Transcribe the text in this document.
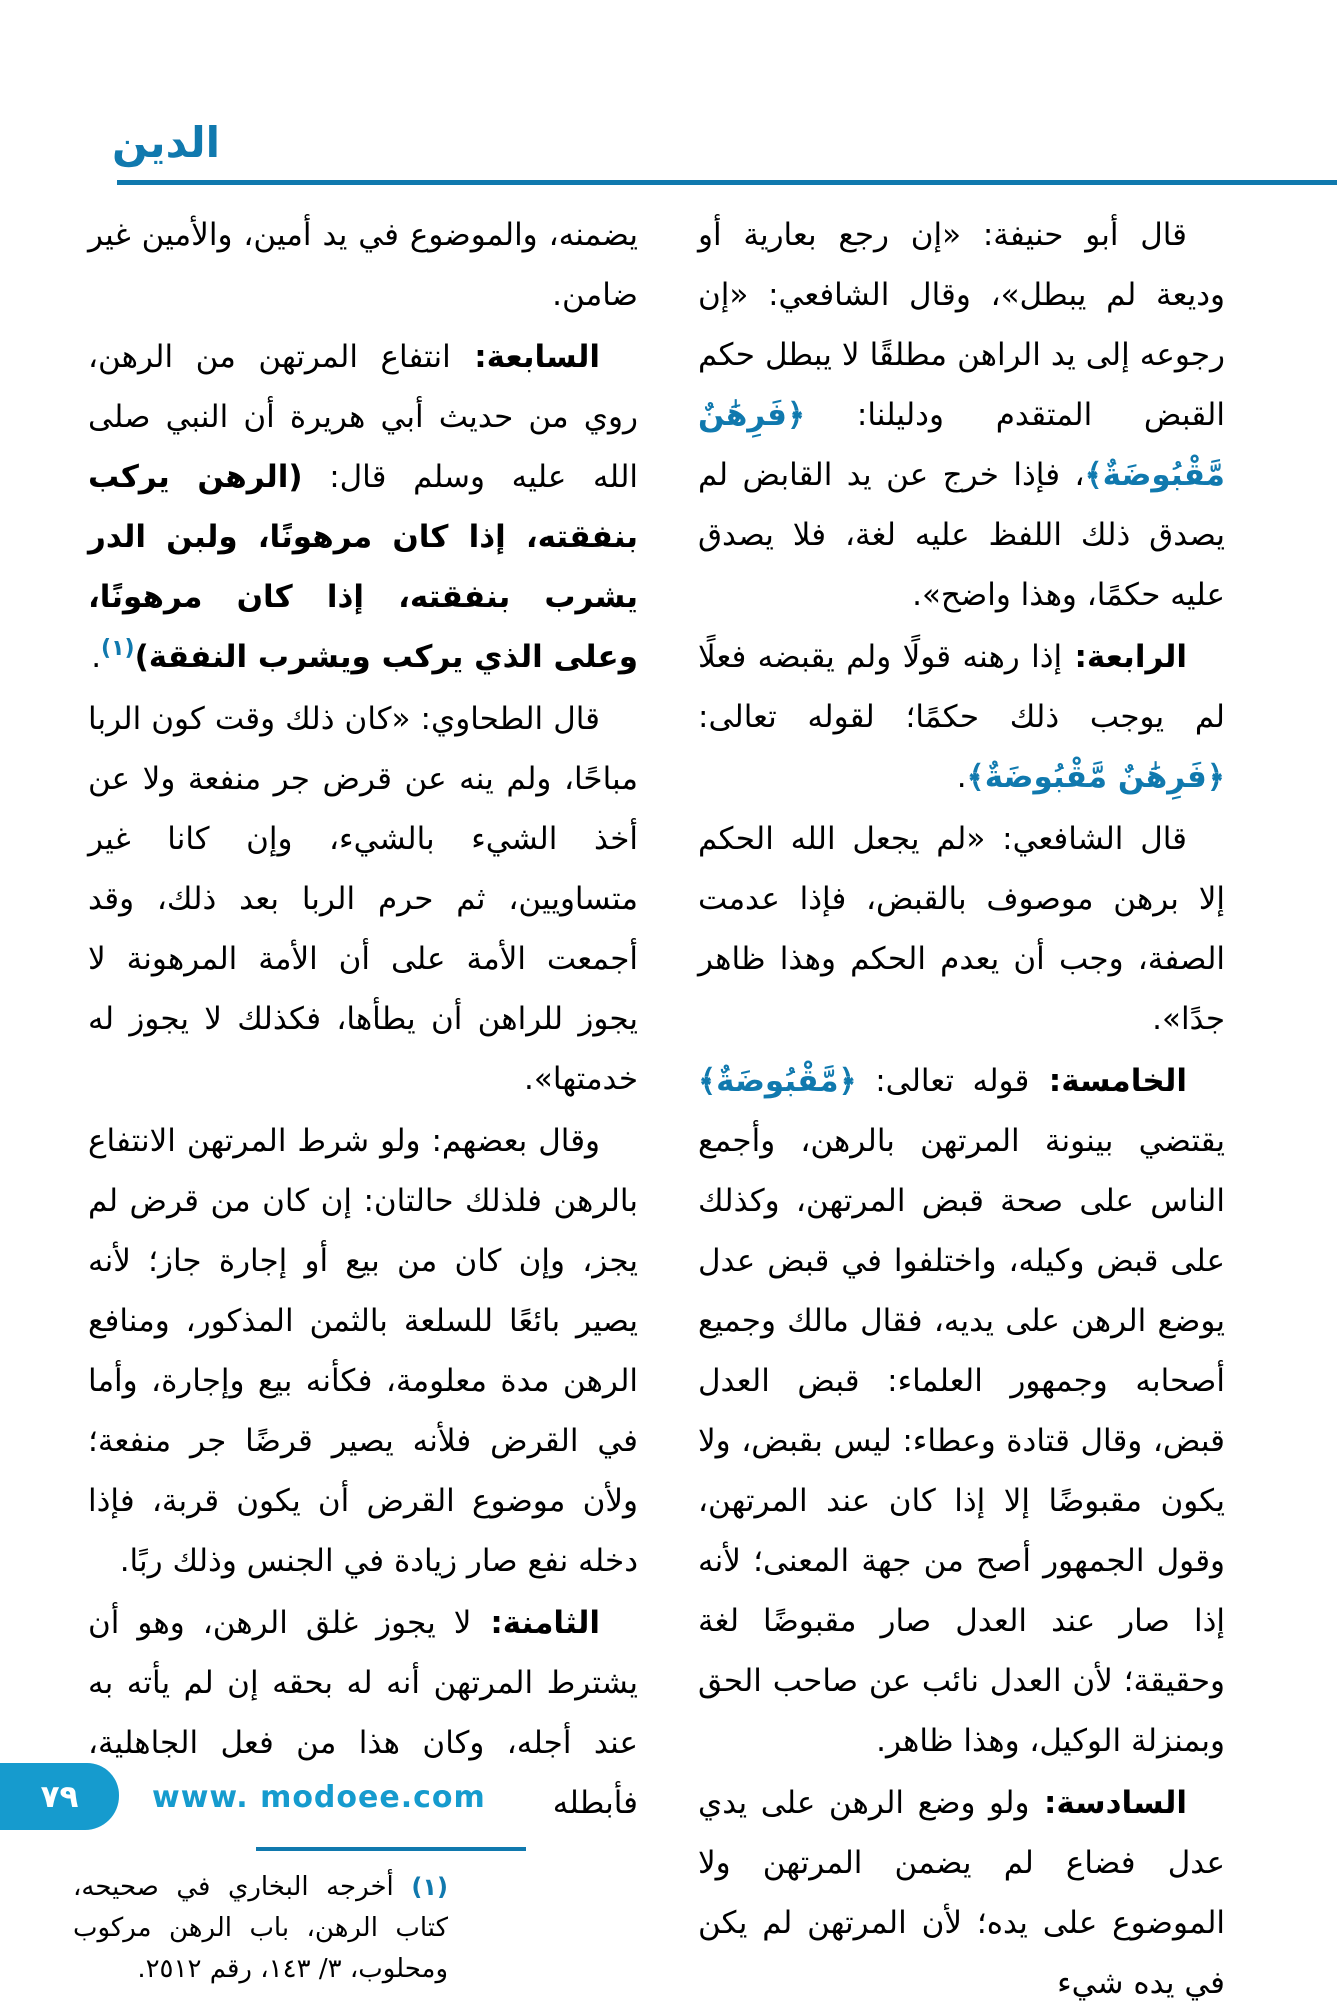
الدين

قال أبو حنيفة: «إن رجع بعارية أو وديعة لم يبطل»، وقال الشافعي: «إن رجوعه إلى يد الراهن مطلقًا لا يبطل حكم القبض المتقدم ودليلنا: ﴿فَرِهَٰنٌ مَّقْبُوضَةٌ﴾، فإذا خرج عن يد القابض لم يصدق ذلك اللفظ عليه لغة، فلا يصدق عليه حكمًا، وهذا واضح».

الرابعة: إذا رهنه قولًا ولم يقبضه فعلًا لم يوجب ذلك حكمًا؛ لقوله تعالى: ﴿فَرِهَٰنٌ مَّقْبُوضَةٌ﴾.

قال الشافعي: «لم يجعل الله الحكم إلا برهن موصوف بالقبض، فإذا عدمت الصفة، وجب أن يعدم الحكم وهذا ظاهر جدًا».

الخامسة: قوله تعالى: ﴿مَّقْبُوضَةٌ﴾ يقتضي بينونة المرتهن بالرهن، وأجمع الناس على صحة قبض المرتهن، وكذلك على قبض وكيله، واختلفوا في قبض عدل يوضع الرهن على يديه، فقال مالك وجميع أصحابه وجمهور العلماء: قبض العدل قبض، وقال قتادة وعطاء: ليس بقبض، ولا يكون مقبوضًا إلا إذا كان عند المرتهن، وقول الجمهور أصح من جهة المعنى؛ لأنه إذا صار عند العدل صار مقبوضًا لغة وحقيقة؛ لأن العدل نائب عن صاحب الحق وبمنزلة الوكيل، وهذا ظاهر.

السادسة: ولو وضع الرهن على يدي عدل فضاع لم يضمن المرتهن ولا الموضوع على يده؛ لأن المرتهن لم يكن في يده شيء

يضمنه، والموضوع في يد أمين، والأمين غير ضامن.

السابعة: انتفاع المرتهن من الرهن، روي من حديث أبي هريرة أن النبي صلى الله عليه وسلم قال: (الرهن يركب بنفقته، إذا كان مرهونًا، ولبن الدر يشرب بنفقته، إذا كان مرهونًا، وعلى الذي يركب ويشرب النفقة)$^{(١)}$.

قال الطحاوي: «كان ذلك وقت كون الربا مباحًا، ولم ينه عن قرض جر منفعة ولا عن أخذ الشيء بالشيء، وإن كانا غير متساويين، ثم حرم الربا بعد ذلك، وقد أجمعت الأمة على أن الأمة المرهونة لا يجوز للراهن أن يطأها، فكذلك لا يجوز له خدمتها».

وقال بعضهم: ولو شرط المرتهن الانتفاع بالرهن فلذلك حالتان: إن كان من قرض لم يجز، وإن كان من بيع أو إجارة جاز؛ لأنه يصير بائعًا للسلعة بالثمن المذكور، ومنافع الرهن مدة معلومة، فكأنه بيع وإجارة، وأما في القرض فلأنه يصير قرضًا جر منفعة؛ ولأن موضوع القرض أن يكون قربة، فإذا دخله نفع صار زيادة في الجنس وذلك ربًا.

الثامنة: لا يجوز غلق الرهن، وهو أن يشترط المرتهن أنه له بحقه إن لم يأته به عند أجله، وكان هذا من فعل الجاهلية، فأبطله

(١) أخرجه البخاري في صحيحه، كتاب الرهن، باب الرهن مركوب ومحلوب، ٣/ ١٤٣، رقم ٢٥١٢.
٧٩ www. modoee.com
